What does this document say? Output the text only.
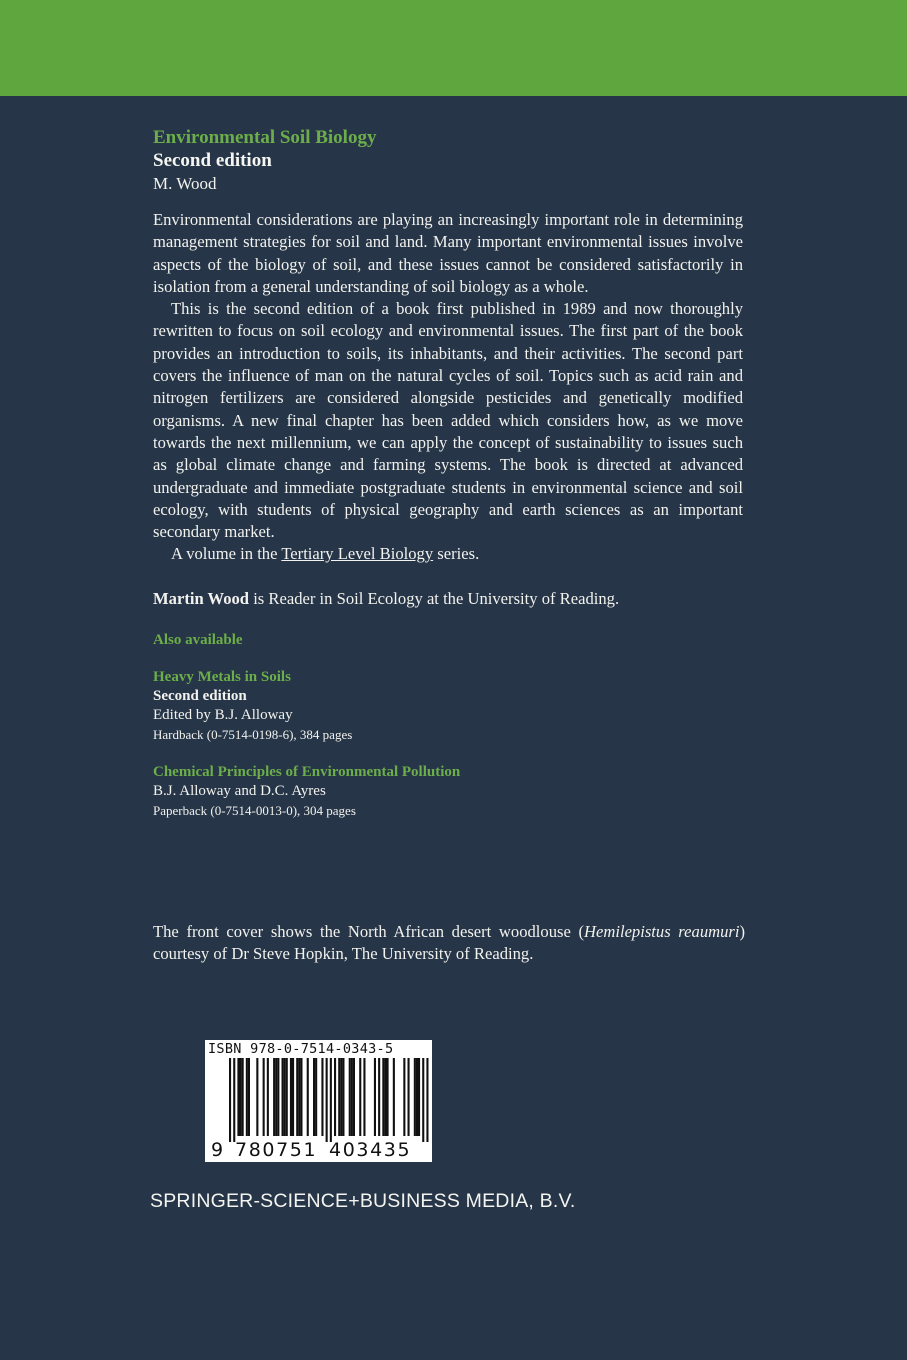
Environmental Soil Biology
Second edition
M. Wood

Environmental considerations are playing an increasingly important role in determining management strategies for soil and land. Many important environmental issues involve aspects of the biology of soil, and these issues cannot be considered satisfactorily in isolation from a general understanding of soil biology as a whole.

This is the second edition of a book first published in 1989 and now thoroughly rewritten to focus on soil ecology and environmental issues. The first part of the book provides an introduction to soils, its inhabitants, and their activities. The second part covers the influence of man on the natural cycles of soil. Topics such as acid rain and nitrogen fertilizers are considered alongside pesticides and genetically modified organisms. A new final chapter has been added which considers how, as we move towards the next millennium, we can apply the concept of sustainability to issues such as global climate change and farming systems. The book is directed at advanced undergraduate and immediate postgraduate students in environmental science and soil ecology, with students of physical geography and earth sciences as an important secondary market.

A volume in the Tertiary Level Biology series.

Martin Wood is Reader in Soil Ecology at the University of Reading.
Also available
Heavy Metals in Soils
Second edition
Edited by B.J. Alloway
Hardback (0-7514-0198-6), 384 pages
Chemical Principles of Environmental Pollution
B.J. Alloway and D.C. Ayres
Paperback (0-7514-0013-0), 304 pages
The front cover shows the North African desert woodlouse (Hemilepistus reaumuri)
courtesy of Dr Steve Hopkin, The University of Reading.
ISBN 978-0-7514-0343-5
9 780751 403435
SPRINGER-SCIENCE+BUSINESS MEDIA, B.V.
